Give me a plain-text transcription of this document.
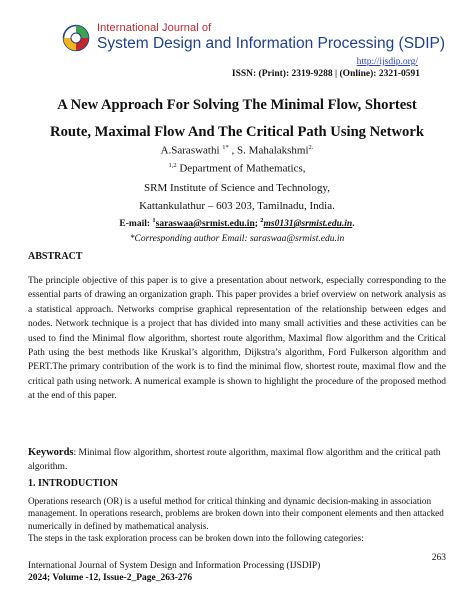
International Journal of
System Design and Information Processing (SDIP)
http://ijsdip.org/
ISSN: (Print): 2319-9288 | (Online): 2321-0591
A New Approach For Solving The Minimal Flow, Shortest Route, Maximal Flow And The Critical Path Using Network
A.Saraswathi $^{1*}$ , S. Mahalakshmi$^{2.}$
$^{1,2}$ Department of Mathematics,
SRM Institute of Science and Technology,
Kattankulathur – 603 203, Tamilnadu, India.
E-mail: $^1$saraswaa@srmist.edu.in; $^2$ms0131@srmist.edu.in.
*Corresponding author Email: saraswaa@srmist.edu.in
ABSTRACT
The principle objective of this paper is to give a presentation about network, especially corresponding to the essential parts of drawing an organization graph. This paper provides a brief overview on network analysis as a statistical approach. Networks comprise graphical representation of the relationship between edges and nodes. Network technique is a project that has divided into many small activities and these activities can be used to find the Minimal flow algorithm, shortest route algorithm, Maximal flow algorithm and the Critical Path using the best methods like Kruskal’s algorithm, Dijkstra’s algorithm, Ford Fulkerson algorithm and PERT.The primary contribution of the work is to find the minimal flow, shortest route, maximal flow and the critical path using network. A numerical example is shown to highlight the procedure of the proposed method at the end of this paper.
Keywords: Minimal flow algorithm, shortest route algorithm, maximal flow algorithm and the critical path algorithm.
1. INTRODUCTION
Operations research (OR) is a useful method for critical thinking and dynamic decision-making in association management. In operations research, problems are broken down into their component elements and then attacked numerically in defined by mathematical analysis.
The steps in the task exploration process can be broken down into the following categories:
263
International Journal of System Design and Information Processing (IJSDIP)
2024; Volume -12, Issue-2_Page_263-276
